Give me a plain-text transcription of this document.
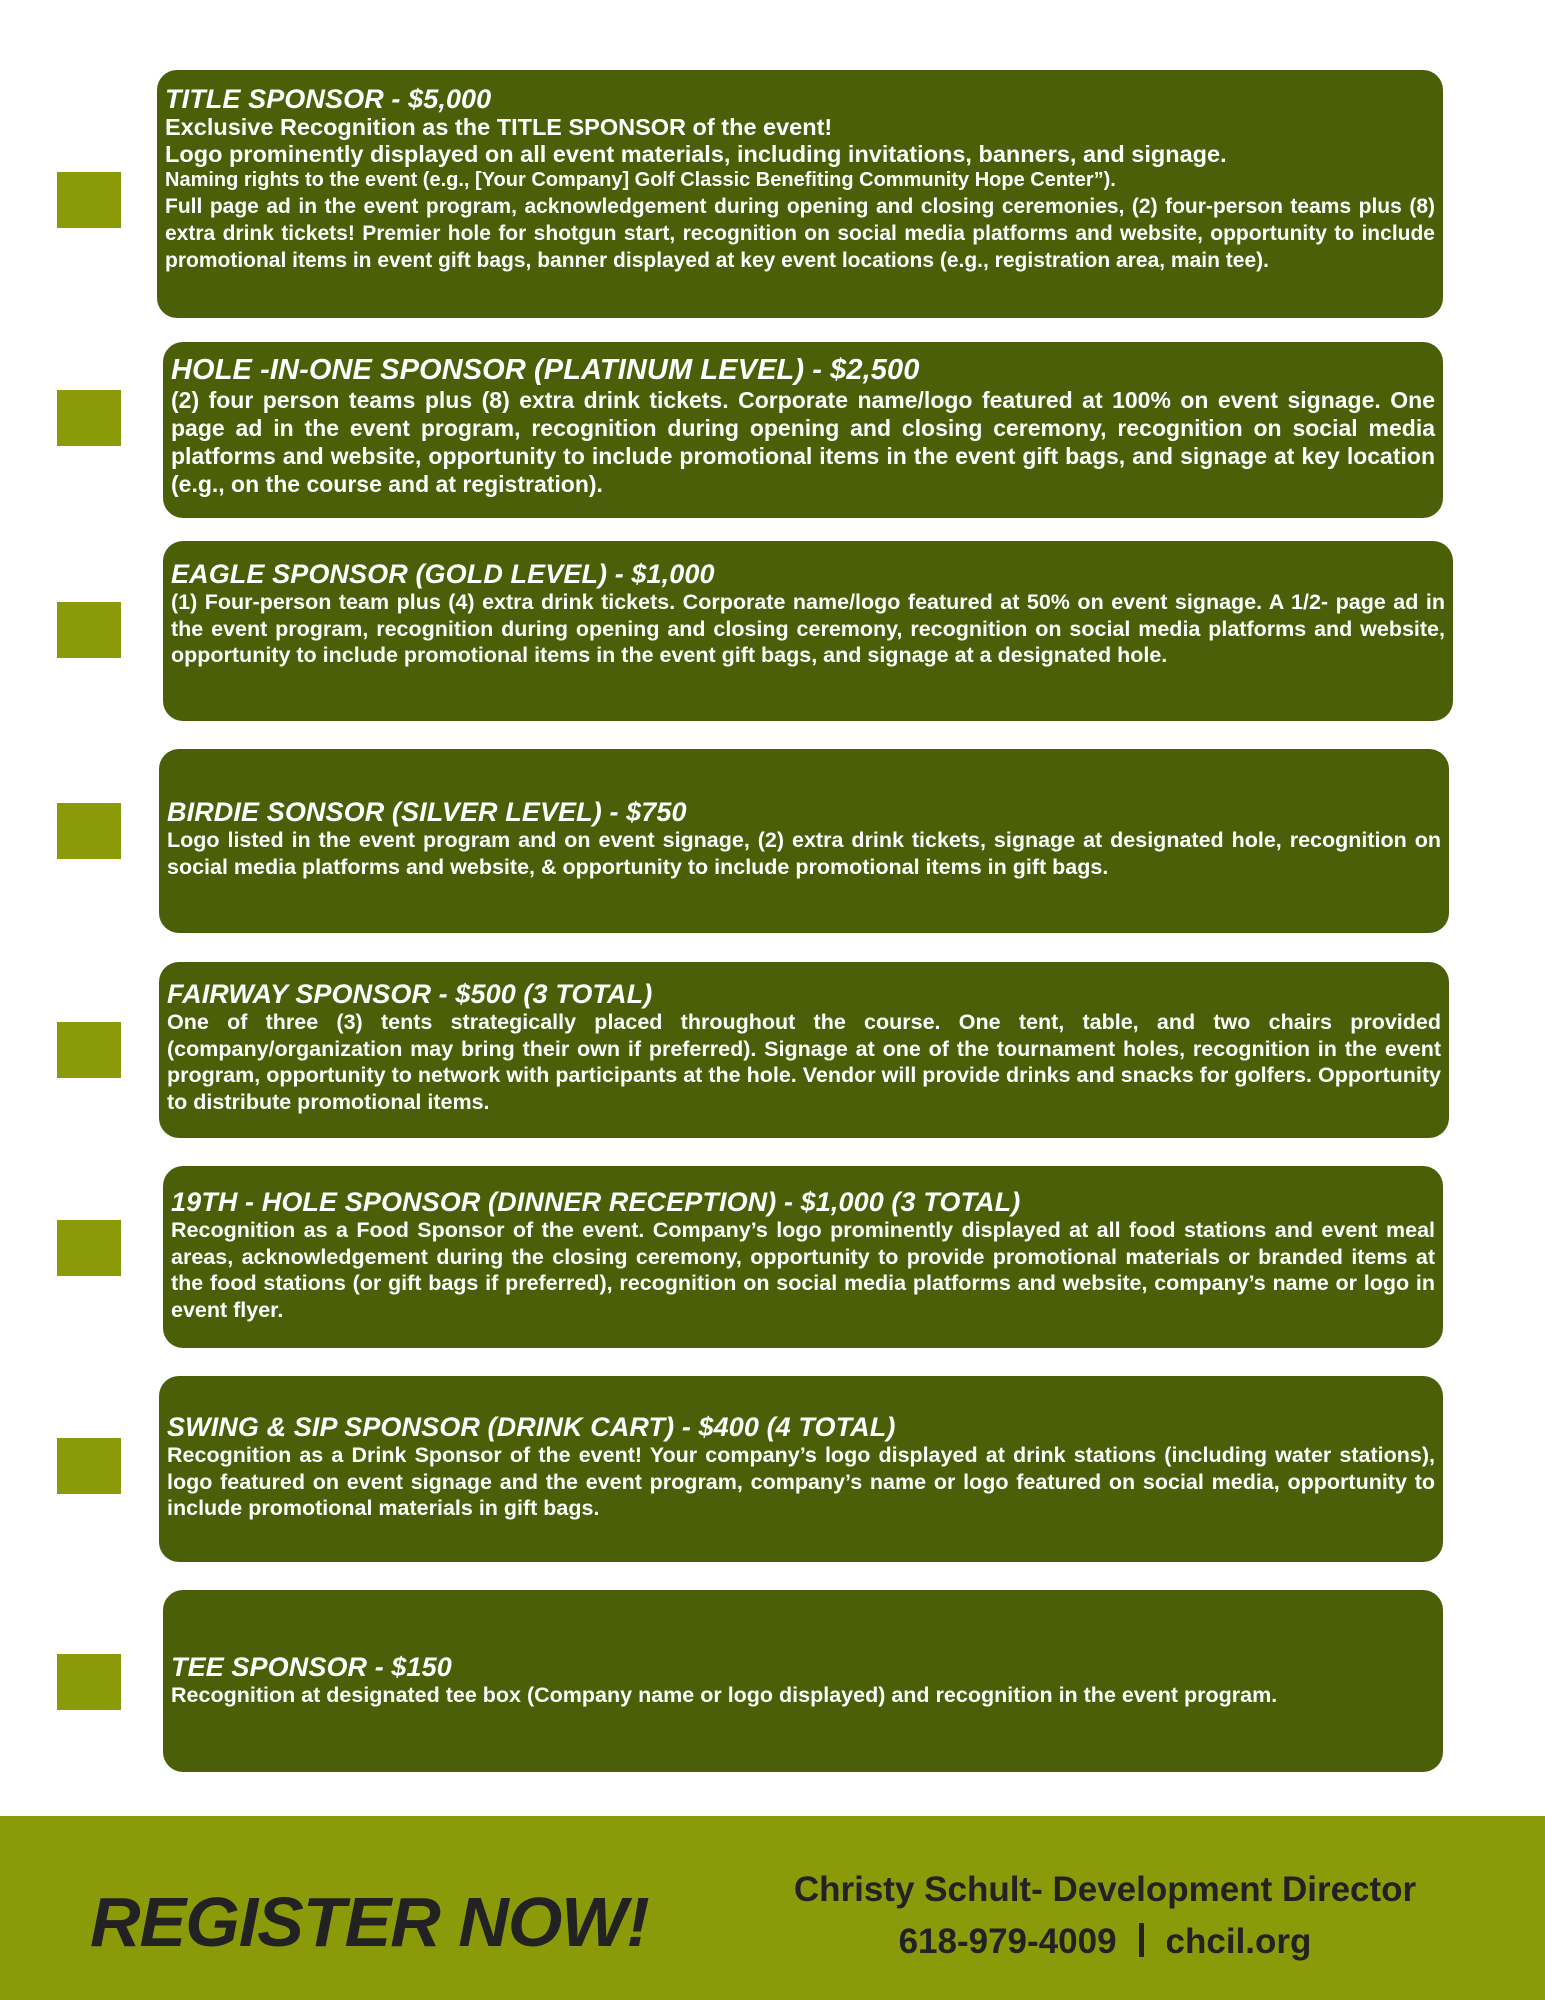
TITLE SPONSOR - $5,000
Exclusive Recognition as the TITLE SPONSOR of the event!
Logo prominently displayed on all event materials, including invitations, banners, and signage.
Naming rights to the event (e.g., [Your Company] Golf Classic Benefiting Community Hope Center”).
Full page ad in the event program, acknowledgement during opening and closing ceremonies, (2) four-person teams plus (8) extra drink tickets! Premier hole for shotgun start, recognition on social media platforms and website, opportunity to include promotional items in event gift bags, banner displayed at key event locations (e.g., registration area, main tee).
HOLE -IN-ONE SPONSOR (PLATINUM LEVEL) - $2,500
(2) four person teams plus (8) extra drink tickets. Corporate name/logo featured at 100% on event signage. One page ad in the event program, recognition during opening and closing ceremony, recognition on social media platforms and website, opportunity to include promotional items in the event gift bags, and signage at key location (e.g., on the course and at registration).
EAGLE SPONSOR (GOLD LEVEL) - $1,000
(1) Four-person team plus (4) extra drink tickets. Corporate name/logo featured at 50% on event signage. A 1/2- page ad in the event program, recognition during opening and closing ceremony, recognition on social media platforms and website, opportunity to include promotional items in the event gift bags, and signage at a designated hole.
BIRDIE SONSOR (SILVER LEVEL) - $750
Logo listed in the event program and on event signage, (2) extra drink tickets, signage at designated hole, recognition on social media platforms and website, & opportunity to include promotional items in gift bags.
FAIRWAY SPONSOR - $500 (3 TOTAL)
One of three (3) tents strategically placed throughout the course. One tent, table, and two chairs provided (company/organization may bring their own if preferred). Signage at one of the tournament holes, recognition in the event program, opportunity to network with participants at the hole. Vendor will provide drinks and snacks for golfers. Opportunity to distribute promotional items.
19TH - HOLE SPONSOR (DINNER RECEPTION) - $1,000 (3 TOTAL)
Recognition as a Food Sponsor of the event. Company’s logo prominently displayed at all food stations and event meal areas, acknowledgement during the closing ceremony, opportunity to provide promotional materials or branded items at the food stations (or gift bags if preferred), recognition on social media platforms and website, company’s name or logo in event flyer.
SWING & SIP SPONSOR (DRINK CART) - $400 (4 TOTAL)
Recognition as a Drink Sponsor of the event! Your company’s logo displayed at drink stations (including water stations), logo featured on event signage and the event program, company’s name or logo featured on social media, opportunity to include promotional materials in gift bags.
TEE SPONSOR - $150
Recognition at designated tee box (Company name or logo displayed) and recognition in the event program.
REGISTER NOW!	Christy Schult- Development Director
618-979-4009 chcil.org
